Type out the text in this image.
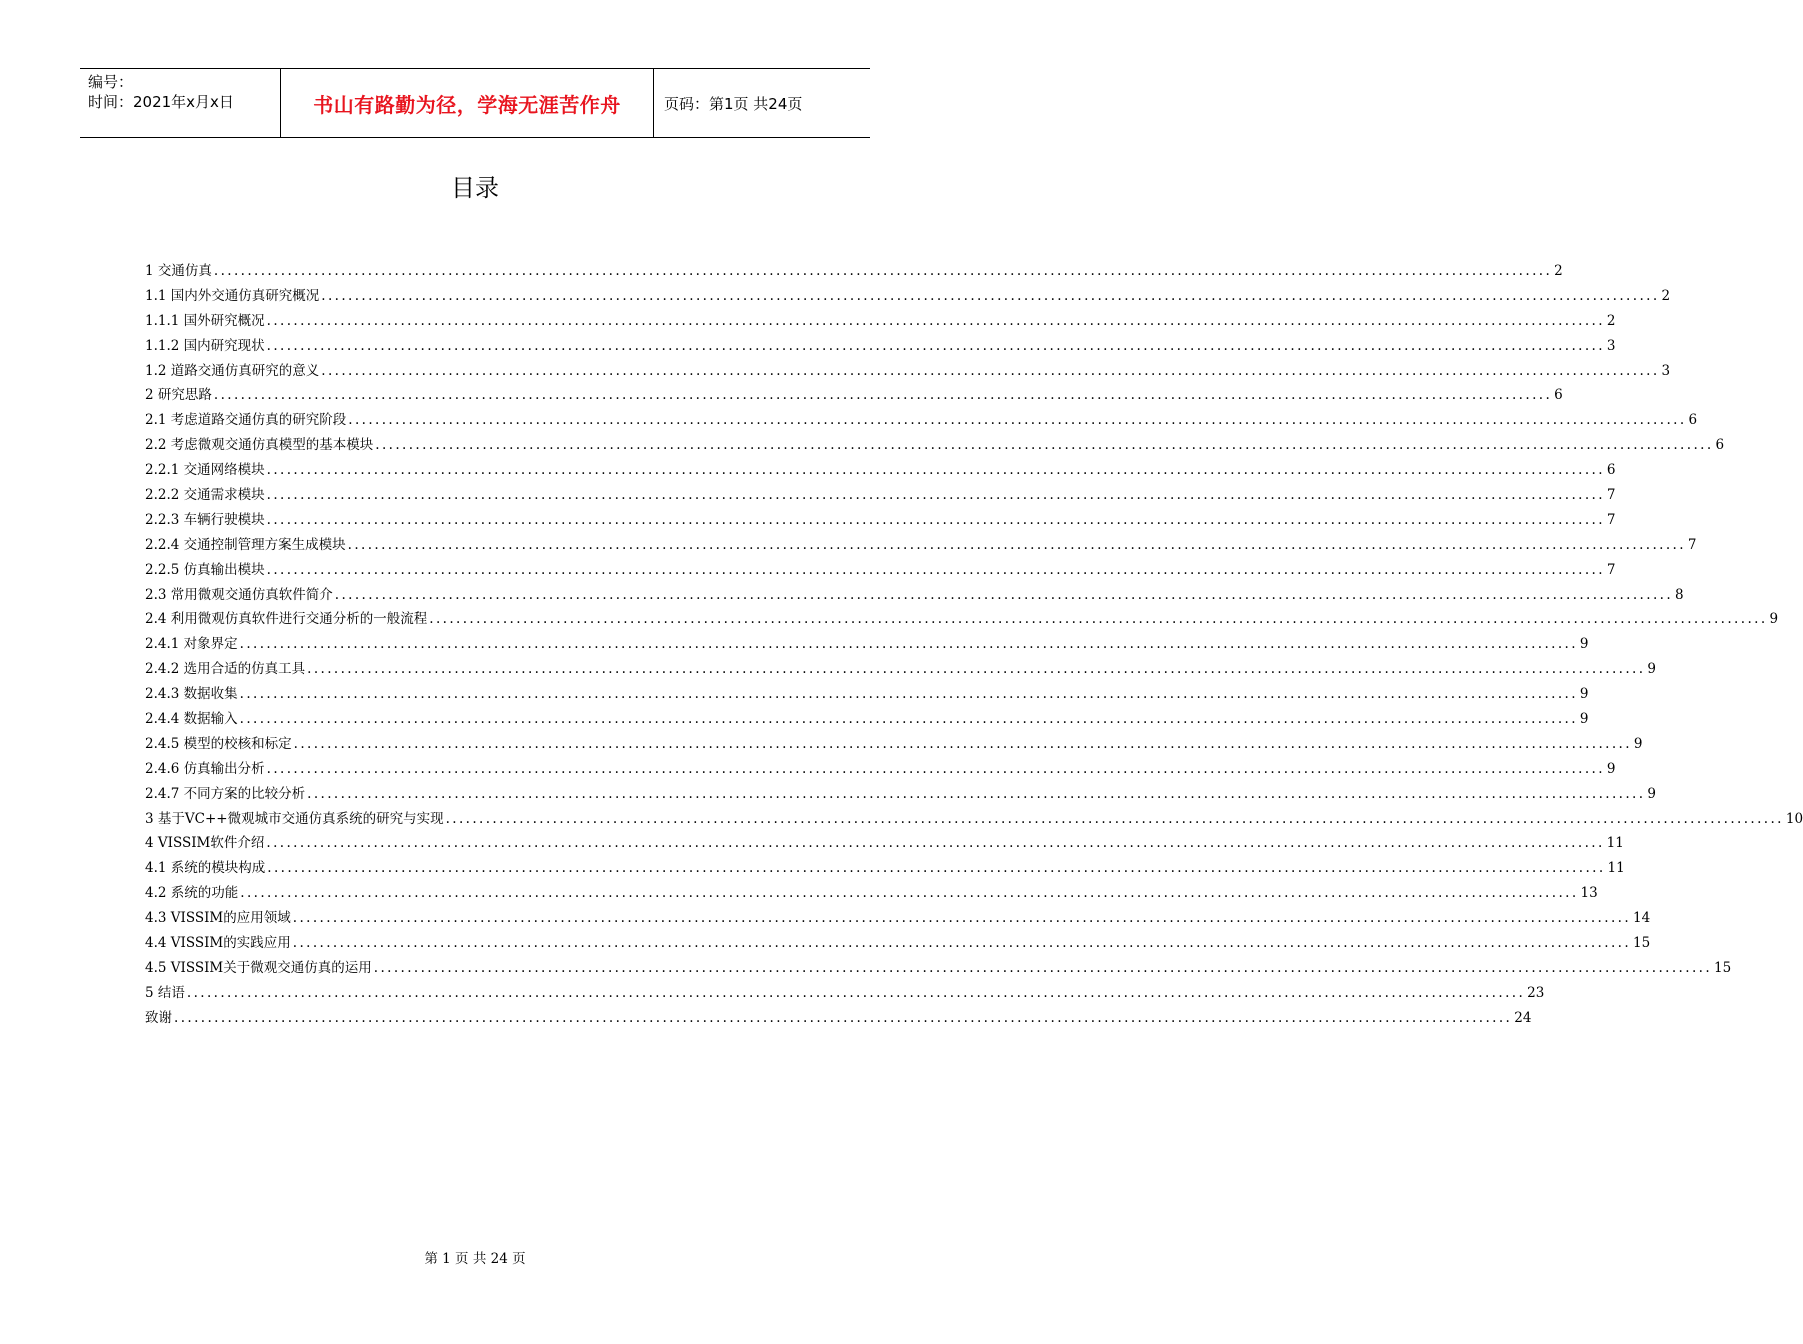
编号：
时间：2021年x月x日	书山有路勤为径，学海无涯苦作舟	页码：第1页 共24页
目录
1 交通仿真 ........................................................................................................................................................................................................ 2
1.1 国内外交通仿真研究概况 ........................................................................................................................................................................................................ 2
1.1.1 国外研究概况 ........................................................................................................................................................................................................ 2
1.1.2 国内研究现状 ........................................................................................................................................................................................................ 3
1.2 道路交通仿真研究的意义 ........................................................................................................................................................................................................ 3
2 研究思路 ........................................................................................................................................................................................................ 6
2.1 考虑道路交通仿真的研究阶段 ........................................................................................................................................................................................................ 6
2.2 考虑微观交通仿真模型的基本模块 ........................................................................................................................................................................................................ 6
2.2.1 交通网络模块 ........................................................................................................................................................................................................ 6
2.2.2 交通需求模块 ........................................................................................................................................................................................................ 7
2.2.3 车辆行驶模块 ........................................................................................................................................................................................................ 7
2.2.4 交通控制管理方案生成模块 ........................................................................................................................................................................................................ 7
2.2.5 仿真输出模块 ........................................................................................................................................................................................................ 7
2.3 常用微观交通仿真软件简介 ........................................................................................................................................................................................................ 8
2.4 利用微观仿真软件进行交通分析的一般流程 ........................................................................................................................................................................................................ 9
2.4.1 对象界定 ........................................................................................................................................................................................................ 9
2.4.2 选用合适的仿真工具 ........................................................................................................................................................................................................ 9
2.4.3 数据收集 ........................................................................................................................................................................................................ 9
2.4.4 数据输入 ........................................................................................................................................................................................................ 9
2.4.5 模型的校核和标定 ........................................................................................................................................................................................................ 9
2.4.6 仿真输出分析 ........................................................................................................................................................................................................ 9
2.4.7 不同方案的比较分析 ........................................................................................................................................................................................................ 9
3 基于VC++微观城市交通仿真系统的研究与实现 ........................................................................................................................................................................................................ 10
4 VISSIM软件介绍 ........................................................................................................................................................................................................ 11
4.1 系统的模块构成 ........................................................................................................................................................................................................ 11
4.2 系统的功能 ........................................................................................................................................................................................................ 13
4.3 VISSIM的应用领域 ........................................................................................................................................................................................................ 14
4.4 VISSIM的实践应用 ........................................................................................................................................................................................................ 15
4.5 VISSIM关于微观交通仿真的运用 ........................................................................................................................................................................................................ 15
5 结语 ........................................................................................................................................................................................................ 23
致谢 ........................................................................................................................................................................................................ 24
第 1 页 共 24 页
